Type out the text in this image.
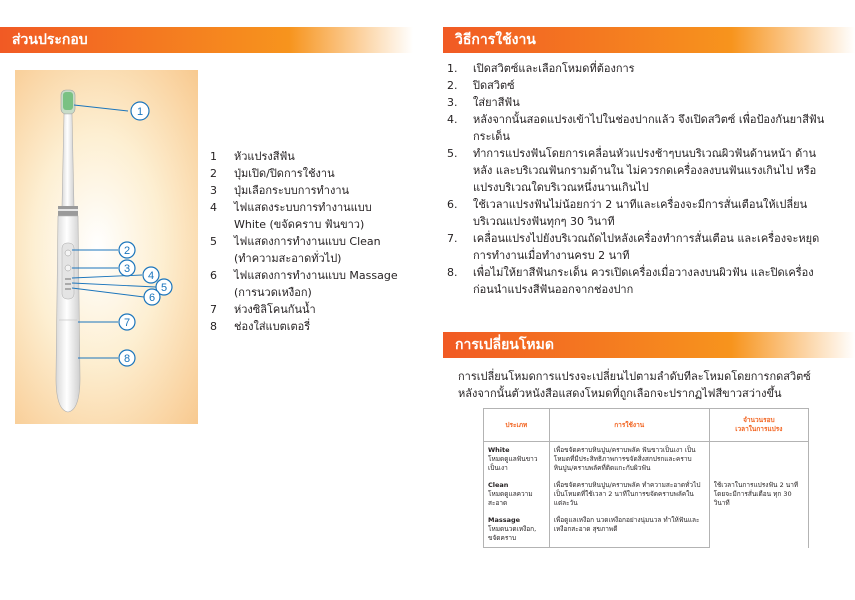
ส่วนประกอบ
1
2
3
4
5
6
7
8
1	หัวแปรงสีฟัน
2	ปุ่มเปิด/ปิดการใช้งาน
3	ปุ่มเลือกระบบการทำงาน
4	ไฟแสดงระบบการทำงานแบบ White (ขจัดคราบ ฟันขาว)
5	ไฟแสดงการทำงานแบบ Clean (ทำความสะอาดทั่วไป)
6	ไฟแสดงการทำงานแบบ Massage (การนวดเหงือก)
7	ห่วงซิลิโคนกันน้ำ
8	ช่องใส่แบตเตอรี่
วิธีการใช้งาน
1.	เปิดสวิตซ์และเลือกโหมดที่ต้องการ
2.	ปิดสวิตซ์
3.	ใส่ยาสีฟัน
4.	หลังจากนั้นสอดแปรงเข้าไปในช่องปากแล้ว จึงเปิดสวิตซ์ เพื่อป้องกันยาสีฟันกระเด็น
5.	ทำการแปรงฟันโดยการเคลื่อนหัวแปรงช้าๆบนบริเวณผิวฟันด้านหน้า ด้านหลัง และบริเวณฟันกรามด้านใน ไม่ควรกดเครื่องลงบนฟันแรงเกินไป หรือแปรงบริเวณใดบริเวณหนึ่งนานเกินไป
6.	ใช้เวลาแปรงฟันไม่น้อยกว่า 2 นาทีและเครื่องจะมีการสั่นเตือนให้เปลี่ยนบริเวณแปรงฟันทุกๆ 30 วินาที
7.	เคลื่อนแปรงไปยังบริเวณถัดไปหลังเครื่องทำการสั่นเตือน และเครื่องจะหยุดการทำงานเมื่อทำงานครบ 2 นาที
8.	เพื่อไม่ให้ยาสีฟันกระเด็น ควรเปิดเครื่องเมื่อวางลงบนผิวฟัน และปิดเครื่องก่อนนำแปรงสีฟันออกจากช่องปาก
การเปลี่ยนโหมด
การเปลี่ยนโหมดการแปรงจะเปลี่ยนไปตามลำดับทีละโหมดโดยการกดสวิตซ์ หลังจากนั้นตัวหนังสือแสดงโหมดที่ถูกเลือกจะปรากฏไฟสีขาวสว่างขึ้น
ประเภท	การใช้งาน	จำนวนรอบ
เวลาในการแปรง

White
โหมดดูแลฟันขาว เป็นเงา	เพื่อขจัดคราบหินปูน/คราบพลัค ฟันขาวเป็นเงา เป็นโหมดที่มีประสิทธิภาพการขจัดสิ่งสกปรกและคราบหินปูน/คราบพลัคที่ติดแกะกับผิวฟัน	ใช้เวลาในการแปรงฟัน 2 นาที โดยจะมีการสั่นเตือน ทุก 30 วินาที

Clean
โหมดดูแลความสะอาด	เพื่อขจัดคราบหินปูน/คราบพลัค ทำความสะอาดทั่วไป เป็นโหมดที่ใช้เวลา 2 นาทีในการขจัดคราบพลัคในแต่ละวัน	

Massage
โหมดนวดเหงือก, ขจัดคราบ	เพื่อดูแลเหงือก นวดเหงือกอย่างนุ่มนวล ทำให้ฟันและเหงือกสะอาด สุขภาพดี	
